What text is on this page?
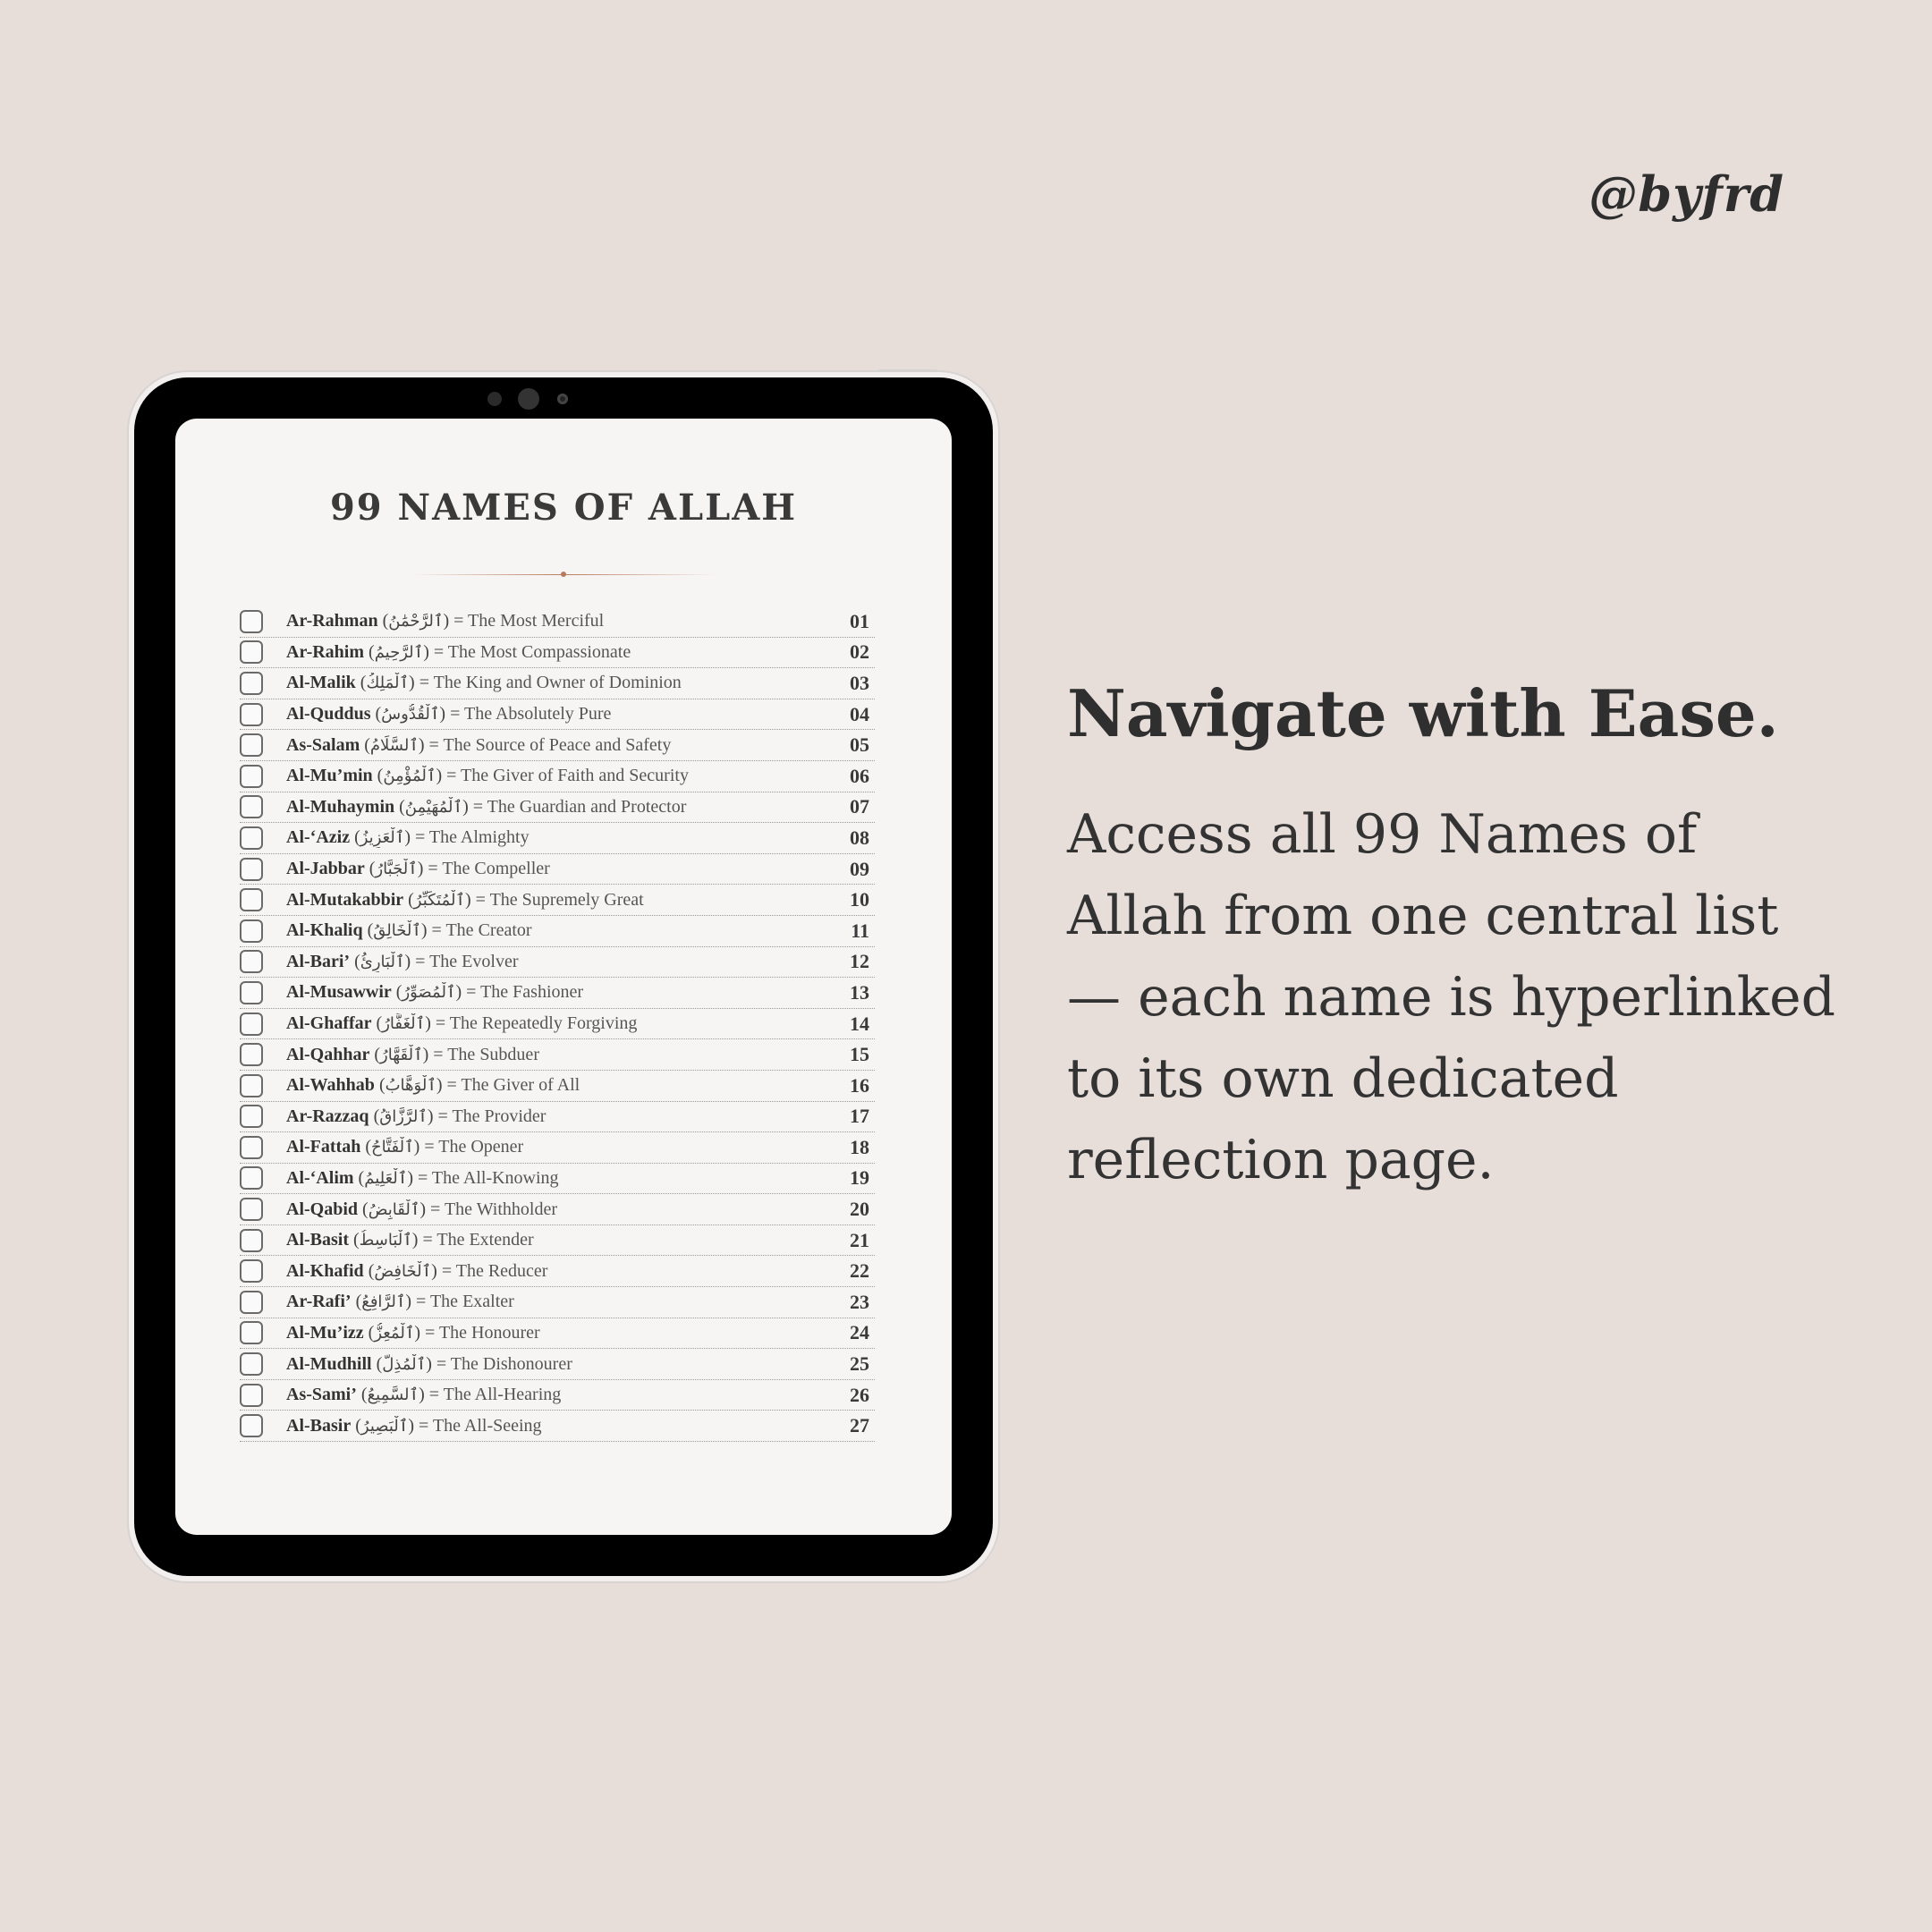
@byfrd
99 NAMES OF ALLAH
Ar-Rahman (ٱلرَّحْمَٰنُ) = The Most Merciful	01
Ar-Rahim (ٱلرَّحِيمُ) = The Most Compassionate	02
Al-Malik (ٱلْمَلِكُ) = The King and Owner of Dominion	03
Al-Quddus (ٱلْقُدُّوسُ) = The Absolutely Pure	04
As-Salam (ٱلسَّلَامُ) = The Source of Peace and Safety	05
Al-Mu’min (ٱلْمُؤْمِنُ) = The Giver of Faith and Security	06
Al-Muhaymin (ٱلْمُهَيْمِنُ) = The Guardian and Protector	07
Al-‘Aziz (ٱلْعَزِيزُ) = The Almighty	08
Al-Jabbar (ٱلْجَبَّارُ) = The Compeller	09
Al-Mutakabbir (ٱلْمُتَكَبِّرُ) = The Supremely Great	10
Al-Khaliq (ٱلْخَالِقُ) = The Creator	11
Al-Bari’ (ٱلْبَارِئُ) = The Evolver	12
Al-Musawwir (ٱلْمُصَوِّرُ) = The Fashioner	13
Al-Ghaffar (ٱلْغَفَّارُ) = The Repeatedly Forgiving	14
Al-Qahhar (ٱلْقَهَّارُ) = The Subduer	15
Al-Wahhab (ٱلْوَهَّابُ) = The Giver of All	16
Ar-Razzaq (ٱلرَّزَّاقُ) = The Provider	17
Al-Fattah (ٱلْفَتَّاحُ) = The Opener	18
Al-‘Alim (ٱلْعَلِيمُ) = The All-Knowing	19
Al-Qabid (ٱلْقَابِضُ) = The Withholder	20
Al-Basit (ٱلْبَاسِطُ) = The Extender	21
Al-Khafid (ٱلْخَافِضُ) = The Reducer	22
Ar-Rafi’ (ٱلرَّافِعُ) = The Exalter	23
Al-Mu’izz (ٱلْمُعِزُّ) = The Honourer	24
Al-Mudhill (ٱلْمُذِلُّ) = The Dishonourer	25
As-Sami’ (ٱلسَّمِيعُ) = The All-Hearing	26
Al-Basir (ٱلْبَصِيرُ) = The All-Seeing	27
Navigate with Ease.
Access all 99 Names of Allah from one central list — each name is hyperlinked to its own dedicated reflection page.
